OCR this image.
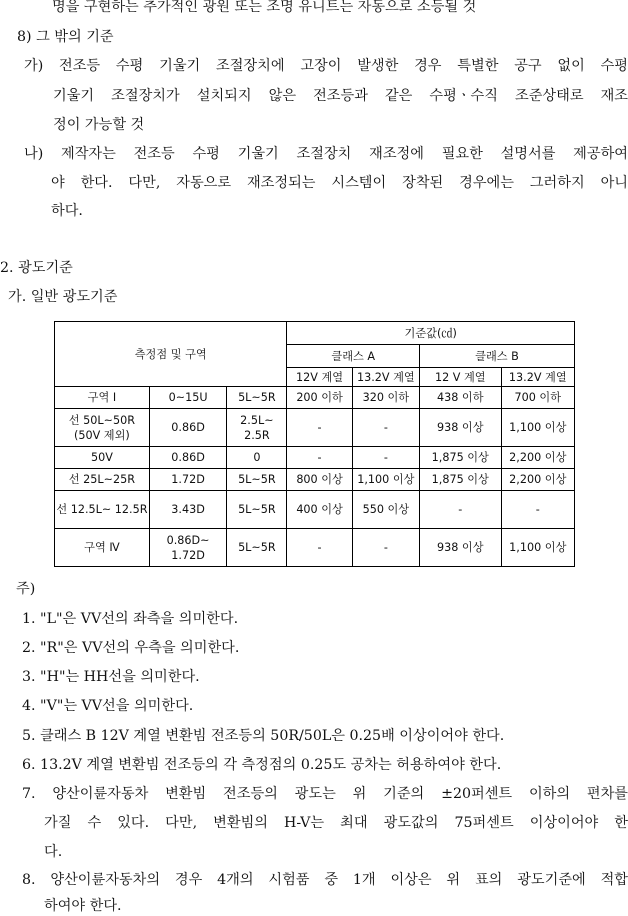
명을 구현하는 추가적인 광원 또는 조명 유니트는 자동으로 소등될 것
8) 그 밖의 기준
가) 전조등 수평 기울기 조절장치에 고장이 발생한 경우 특별한 공구 없이 수평
기울기 조절장치가 설치되지 않은 전조등과 같은 수평ㆍ수직 조준상태로 재조
정이 가능할 것
나) 제작자는 전조등 수평 기울기 조절장치 재조정에 필요한 설명서를 제공하여
야 한다. 다만, 자동으로 재조정되는 시스템이 장착된 경우에는 그러하지 아니
하다.
2. 광도기준
가. 일반 광도기준
측정점 및 구역			기준값(㏅)			
			클래스 A		클래스 B	
			12V 계열	13.2V 계열	12 V 계열	13.2V 계열
구역 Ⅰ	0~15U	5L~5R	200 이하	320 이하	438 이하	700 이하
선 50L~50R (50V 제외)	0.86D	2.5L~ 2.5R	-	-	938 이상	1,100 이상
50V	0.86D	0	-	-	1,875 이상	2,200 이상
선 25L~25R	1.72D	5L~5R	800 이상	1,100 이상	1,875 이상	2,200 이상
선 12.5L~ 12.5R	3.43D	5L~5R	400 이상	550 이상	-	-
구역 Ⅳ	0.86D~ 1.72D	5L~5R	-	-	938 이상	1,100 이상
주)
1. "L"은 VV선의 좌측을 의미한다.
2. "R"은 VV선의 우측을 의미한다.
3. "H"는 HH선을 의미한다.
4. "V"는 VV선을 의미한다.
5. 클래스 B 12V 계열 변환빔 전조등의 50R/50L은 0.25배 이상이어야 한다.
6. 13.2V 계열 변환빔 전조등의 각 측정점의 0.25도 공차는 허용하여야 한다.
7. 양산이륜자동차 변환빔 전조등의 광도는 위 기준의 ±20퍼센트 이하의 편차를
가질 수 있다. 다만, 변환빔의 H-V는 최대 광도값의 75퍼센트 이상이어야 한
다.
8. 양산이륜자동차의 경우 4개의 시험품 중 1개 이상은 위 표의 광도기준에 적합
하여야 한다.
